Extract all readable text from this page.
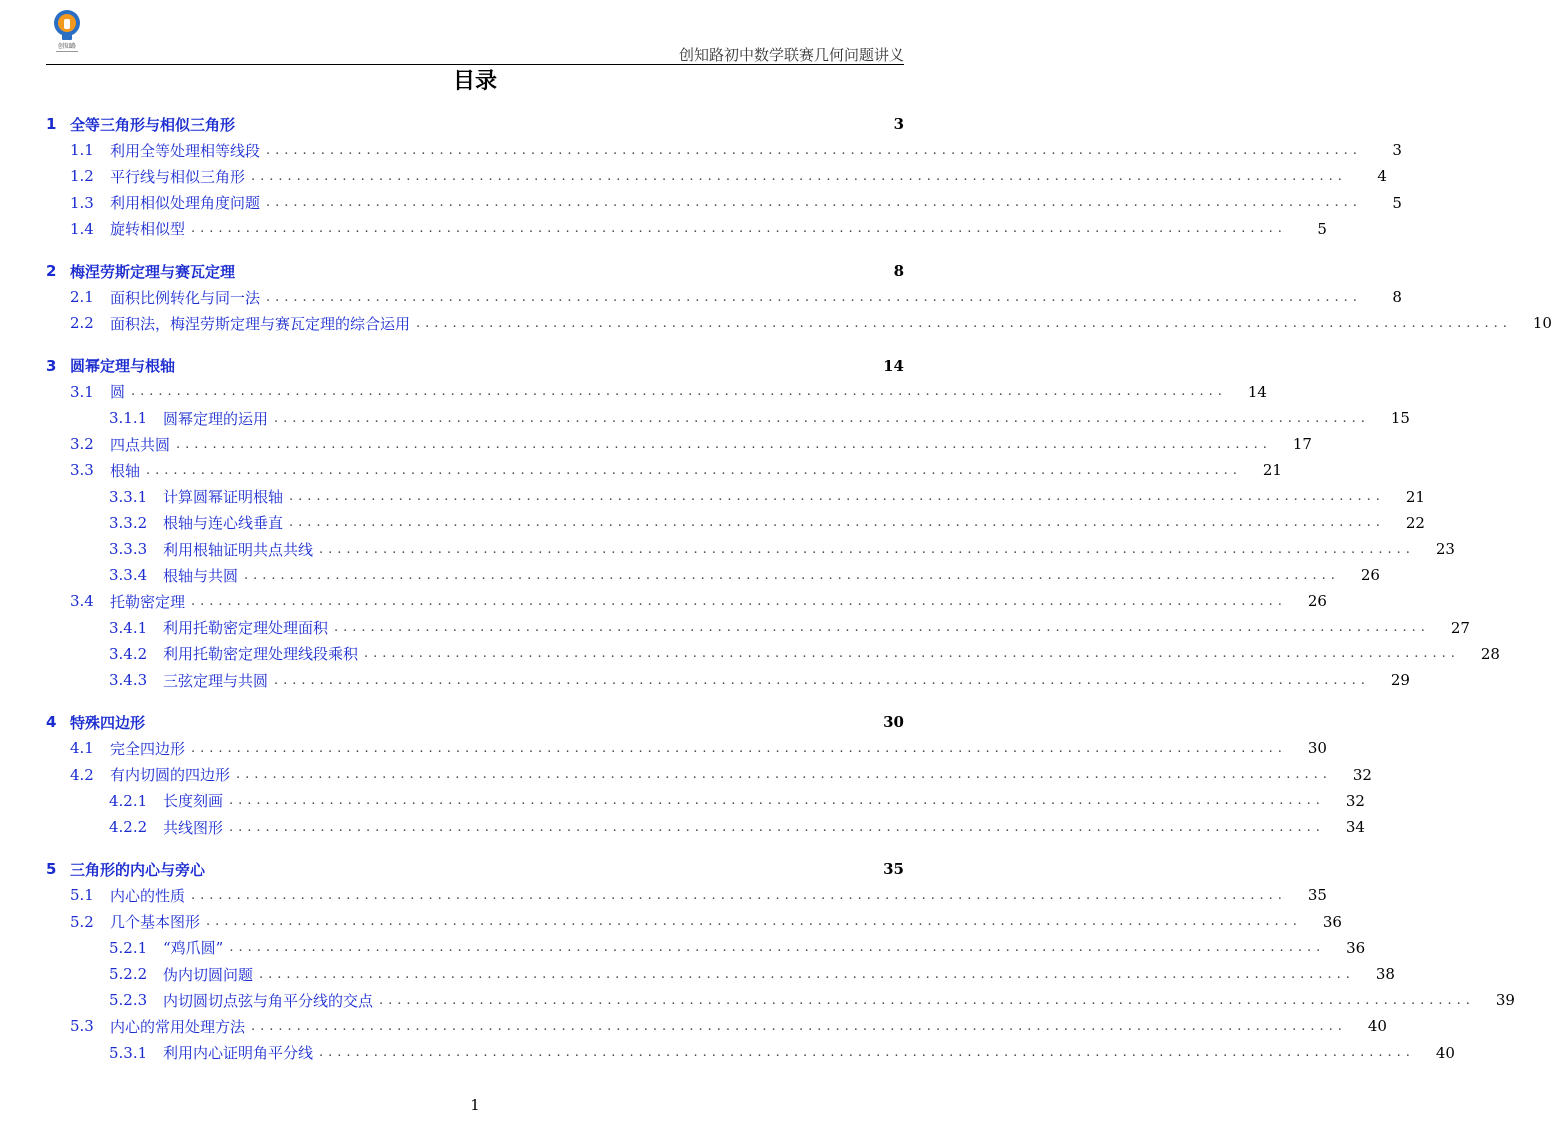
创知路	创知路初中数学联赛几何问题讲义
目录
1 全等三角形与相似三角形	3
1.1	利用全等处理相等线段 ........................................................................................................................	3
1.2	平行线与相似三角形 ........................................................................................................................	4
1.3	利用相似处理角度问题 ........................................................................................................................	5
1.4	旋转相似型 ........................................................................................................................	5
2 梅涅劳斯定理与赛瓦定理	8
2.1	面积比例转化与同一法 ........................................................................................................................	8
2.2	面积法，梅涅劳斯定理与赛瓦定理的综合运用 ........................................................................................................................ 10
3 圆幂定理与根轴	14
3.1	圆 ........................................................................................................................ 14
3.1.1	圆幂定理的运用 ........................................................................................................................ 15
3.2	四点共圆 ........................................................................................................................ 17
3.3	根轴 ........................................................................................................................ 21
3.3.1	计算圆幂证明根轴 ........................................................................................................................ 21
3.3.2	根轴与连心线垂直 ........................................................................................................................ 22
3.3.3	利用根轴证明共点共线 ........................................................................................................................ 23
3.3.4	根轴与共圆 ........................................................................................................................ 26
3.4	托勒密定理 ........................................................................................................................ 26
3.4.1	利用托勒密定理处理面积 ........................................................................................................................ 27
3.4.2	利用托勒密定理处理线段乘积 ........................................................................................................................ 28
3.4.3	三弦定理与共圆 ........................................................................................................................ 29
4 特殊四边形	30
4.1	完全四边形 ........................................................................................................................ 30
4.2	有内切圆的四边形 ........................................................................................................................ 32
4.2.1	长度刻画 ........................................................................................................................ 32
4.2.2	共线图形 ........................................................................................................................ 34
5 三角形的内心与旁心	35
5.1	内心的性质 ........................................................................................................................ 35
5.2	几个基本图形 ........................................................................................................................ 36
5.2.1	“鸡爪圆” ........................................................................................................................ 36
5.2.2	伪内切圆问题 ........................................................................................................................ 38
5.2.3	内切圆切点弦与角平分线的交点 ........................................................................................................................ 39
5.3	内心的常用处理方法 ........................................................................................................................ 40
5.3.1	利用内心证明角平分线 ........................................................................................................................ 40
1
